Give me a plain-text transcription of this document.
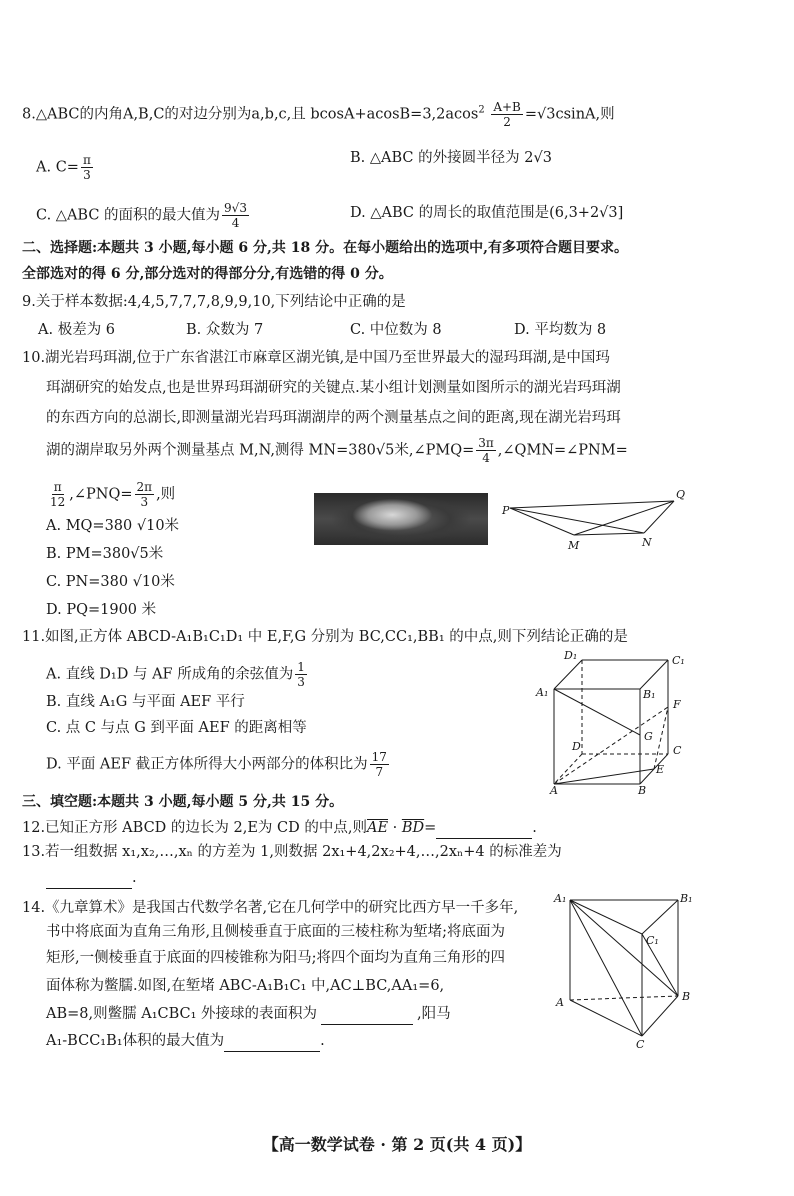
8.△ABC的内角A,B,C的对边分别为a,b,c,且 $bcosA+acosB=3,2acos^2 \frac{A+B}{2} =√3csinA$,则
A. $C= \frac{\pi}{3}$	B. △ABC 的外接圆半径为 2√3
C. △ABC 的面积的最大值为 $\frac{9√3}{4}$	D. △ABC 的周长的取值范围是(6,3+2√3]
二、选择题:本题共 3 小题,每小题 6 分,共 18 分。在每小题给出的选项中,有多项符合题目要求。
全部选对的得 6 分,部分选对的得部分分,有选错的得 0 分。
9.关于样本数据:4,4,5,7,7,7,8,9,9,10,下列结论中正确的是
A. 极差为 6	B. 众数为 7	C. 中位数为 8	D. 平均数为 8
10.湖光岩玛珥湖,位于广东省湛江市麻章区湖光镇,是中国乃至世界最大的湿玛珥湖,是中国玛
珥湖研究的始发点,也是世界玛珥湖研究的关键点.某小组计划测量如图所示的湖光岩玛珥湖
的东西方向的总湖长,即测量湖光岩玛珥湖湖岸的两个测量基点之间的距离,现在湖光岩玛珥
湖的湖岸取另外两个测量基点 M,N,测得 MN=380√5米,∠PMQ= $\frac{3\pi}{4}$ ,∠QMN=∠PNM=
$\frac{\pi}{12}$ ,∠PNQ= $\frac{2\pi}{3}$ ,则
A. MQ=380 √10米
B. PM=380√5米
C. PN=380 √10米
D. PQ=1900 米
P
Q
M	N
11.如图,正方体 ABCD-A₁B₁C₁D₁ 中 E,F,G 分别为 BC,CC₁,BB₁ 的中点,则下列结论正确的是
A. 直线 D₁D 与 AF 所成角的余弦值为 $\frac{1}{3}$
B. 直线 A₁G 与平面 AEF 平行
C. 点 C 与点 G 到平面 AEF 的距离相等
D. 平面 AEF 截正方体所得大小两部分的体积比为 $\frac{17}{7}$
D₁	C₁
A₁	B₁
F
G
D	C
E
A	B
三、填空题:本题共 3 小题,每小题 5 分,共 15 分。
12.已知正方形 ABCD 的边长为 2,E为 CD 的中点,则$\overline{AE} \cdot \overline{BD}=$	.
13.若一组数据 x₁,x₂,…,xₙ 的方差为 1,则数据 2x₁+4,2x₂+4,…,2xₙ+4 的标准差为
.
14.《九章算术》是我国古代数学名著,它在几何学中的研究比西方早一千多年,
书中将底面为直角三角形,且侧棱垂直于底面的三棱柱称为堑堵;将底面为
矩形,一侧棱垂直于底面的四棱锥称为阳马;将四个面均为直角三角形的四
面体称为鳖臑.如图,在堑堵 ABC-A₁B₁C₁ 中,AC⊥BC,AA₁=6,
AB=8,则鳖臑 A₁CBC₁ 外接球的表面积为	,阳马
A₁-BCC₁B₁体积的最大值为	.
A₁	B₁
C₁
A	B
C
【高一数学试卷 · 第 2 页(共 4 页)】
